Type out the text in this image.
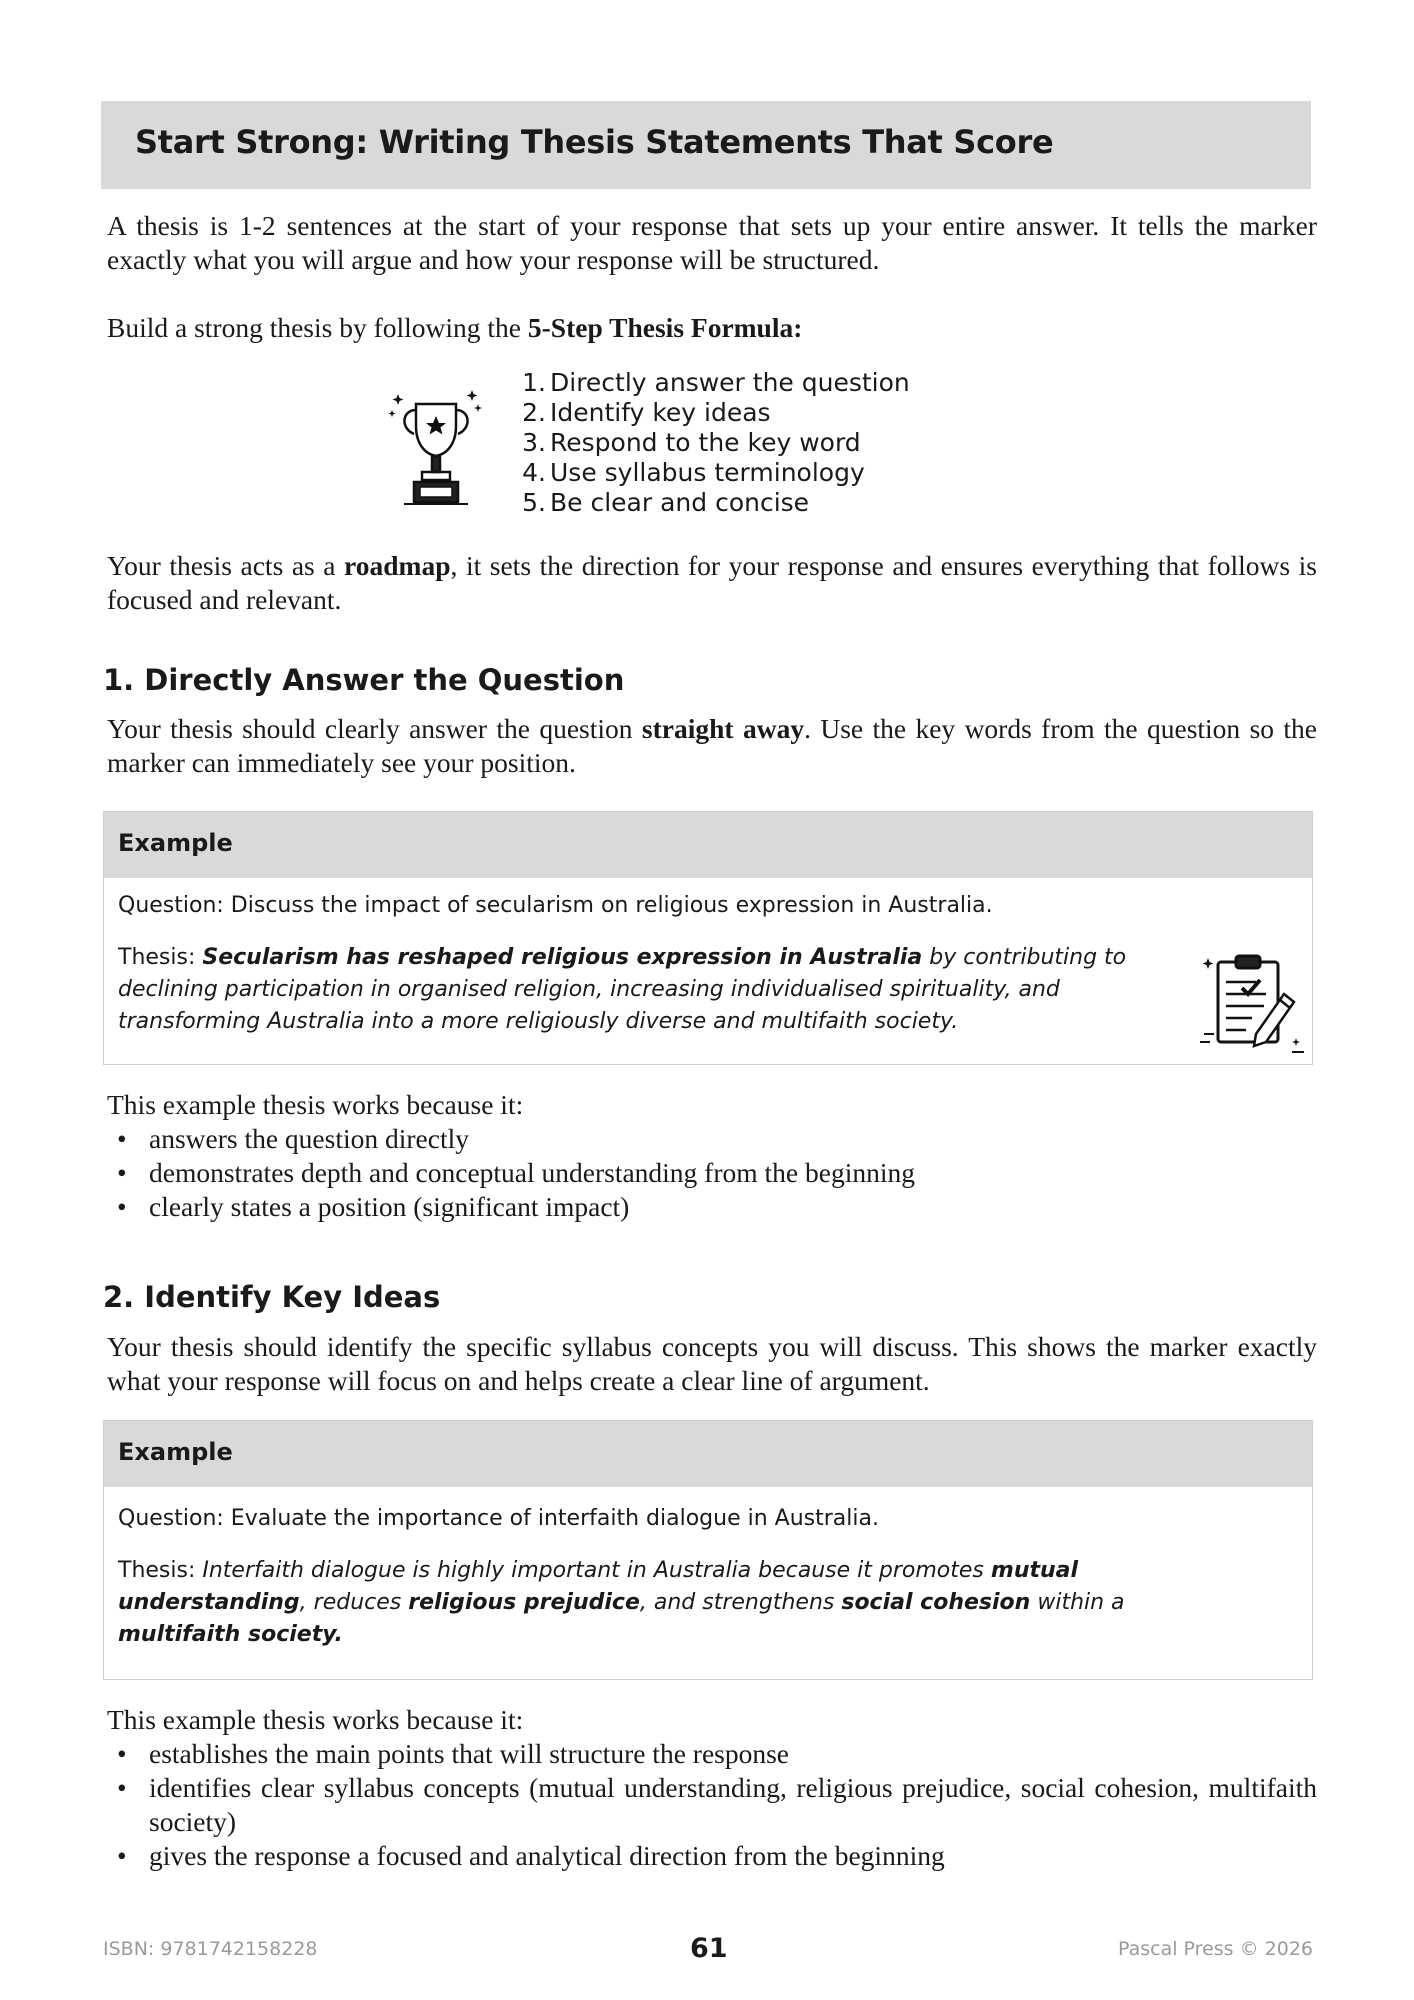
Start Strong: Writing Thesis Statements That Score

A thesis is 1-2 sentences at the start of your response that sets up your entire answer. It tells the marker exactly what you will argue and how your response will be structured.

Build a strong thesis by following the 5-Step Thesis Formula:

1. Directly answer the question
2. Identify key ideas
3. Respond to the key word
4. Use syllabus terminology
5. Be clear and concise

Your thesis acts as a roadmap, it sets the direction for your response and ensures everything that follows is focused and relevant.

1. Directly Answer the Question

Your thesis should clearly answer the question straight away. Use the key words from the question so the marker can immediately see your position.

Example

Question: Discuss the impact of secularism on religious expression in Australia.

Thesis: Secularism has reshaped religious expression in Australia by contributing to declining participation in organised religion, increasing individualised spirituality, and transforming Australia into a more religiously diverse and multifaith society.

This example thesis works because it:

• answers the question directly
• demonstrates depth and conceptual understanding from the beginning
• clearly states a position (significant impact)
2. Identify Key Ideas

Your thesis should identify the specific syllabus concepts you will discuss. This shows the marker exactly what your response will focus on and helps create a clear line of argument.

Example

Question: Evaluate the importance of interfaith dialogue in Australia.

Thesis: Interfaith dialogue is highly important in Australia because it promotes mutual understanding, reduces religious prejudice, and strengthens social cohesion within a multifaith society.

This example thesis works because it:

• establishes the main points that will structure the response
• identifies clear syllabus concepts (mutual understanding, religious prejudice, social cohesion, multifaith society)
• gives the response a focused and analytical direction from the beginning
ISBN: 9781742158228	61	Pascal Press © 2026
